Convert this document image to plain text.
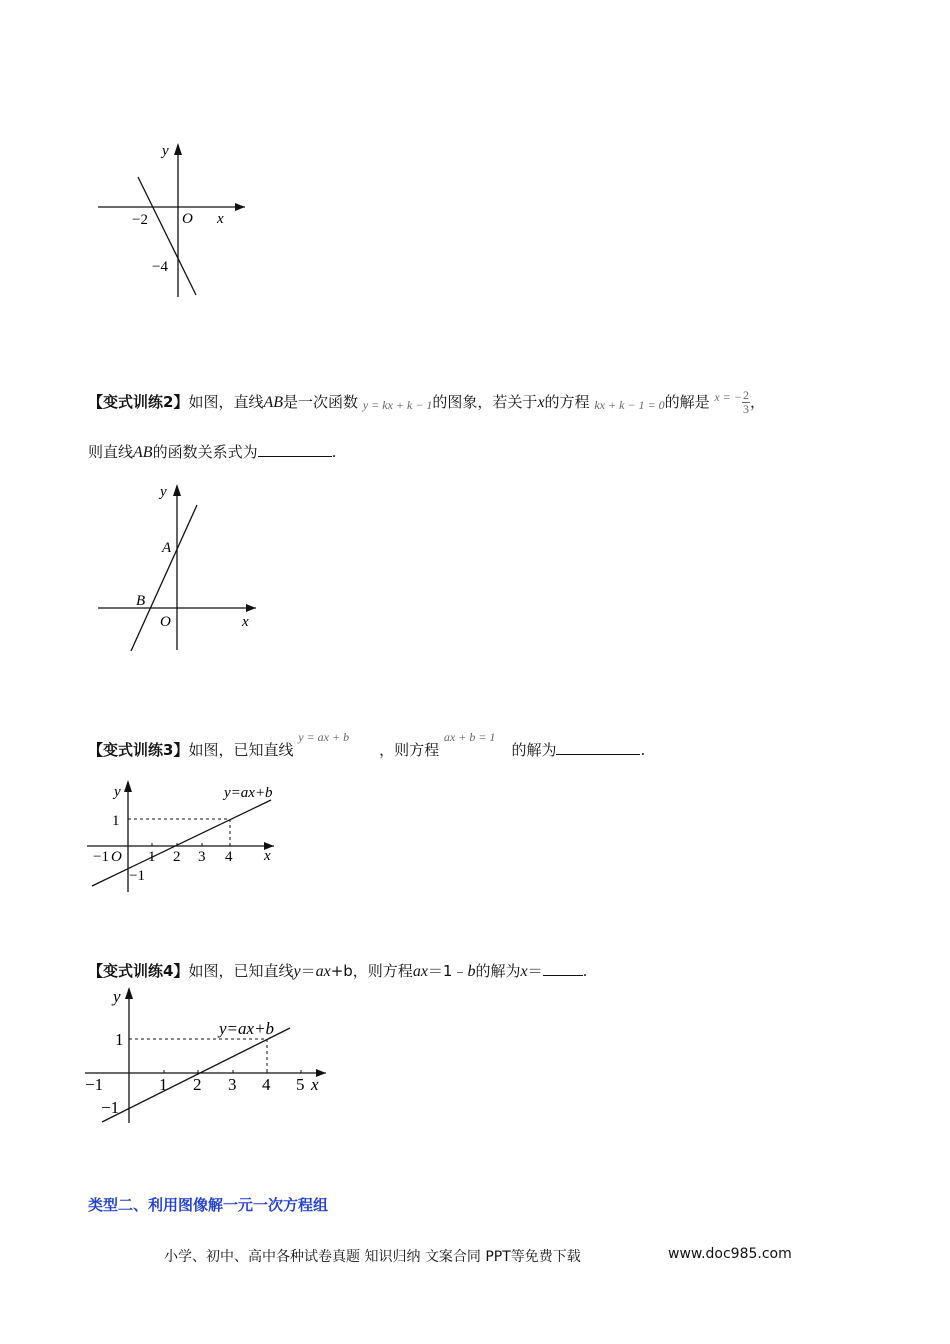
y
x
O
−2
−4
【变式训练2】如图，直线AB是一次函数 y = kx + k − 1的图象，若关于x的方程 kx + k − 1 = 0的解是 $^{x = -} \frac{2}{3}$ ，
则直线AB的函数关系式为	.
y
x
O
A
B
【变式训练3】如图，已知直线 $^{y = ax + b}$，则方程 $^{ax + b = 1}$的解为	.
y
x
y=ax+b
1
−1 O 1 2 3 4
−1
【变式训练4】如图，已知直线y＝ax+b，则方程ax＝1﹣b的解为x＝	.
y
x
y=ax+b
1
−1	1 2 3 4 5
−1
类型二、利用图像解一元一次方程组
小学、初中、高中各种试卷真题 知识归纳 文案合同 PPT等免费下载	www.doc985.com
